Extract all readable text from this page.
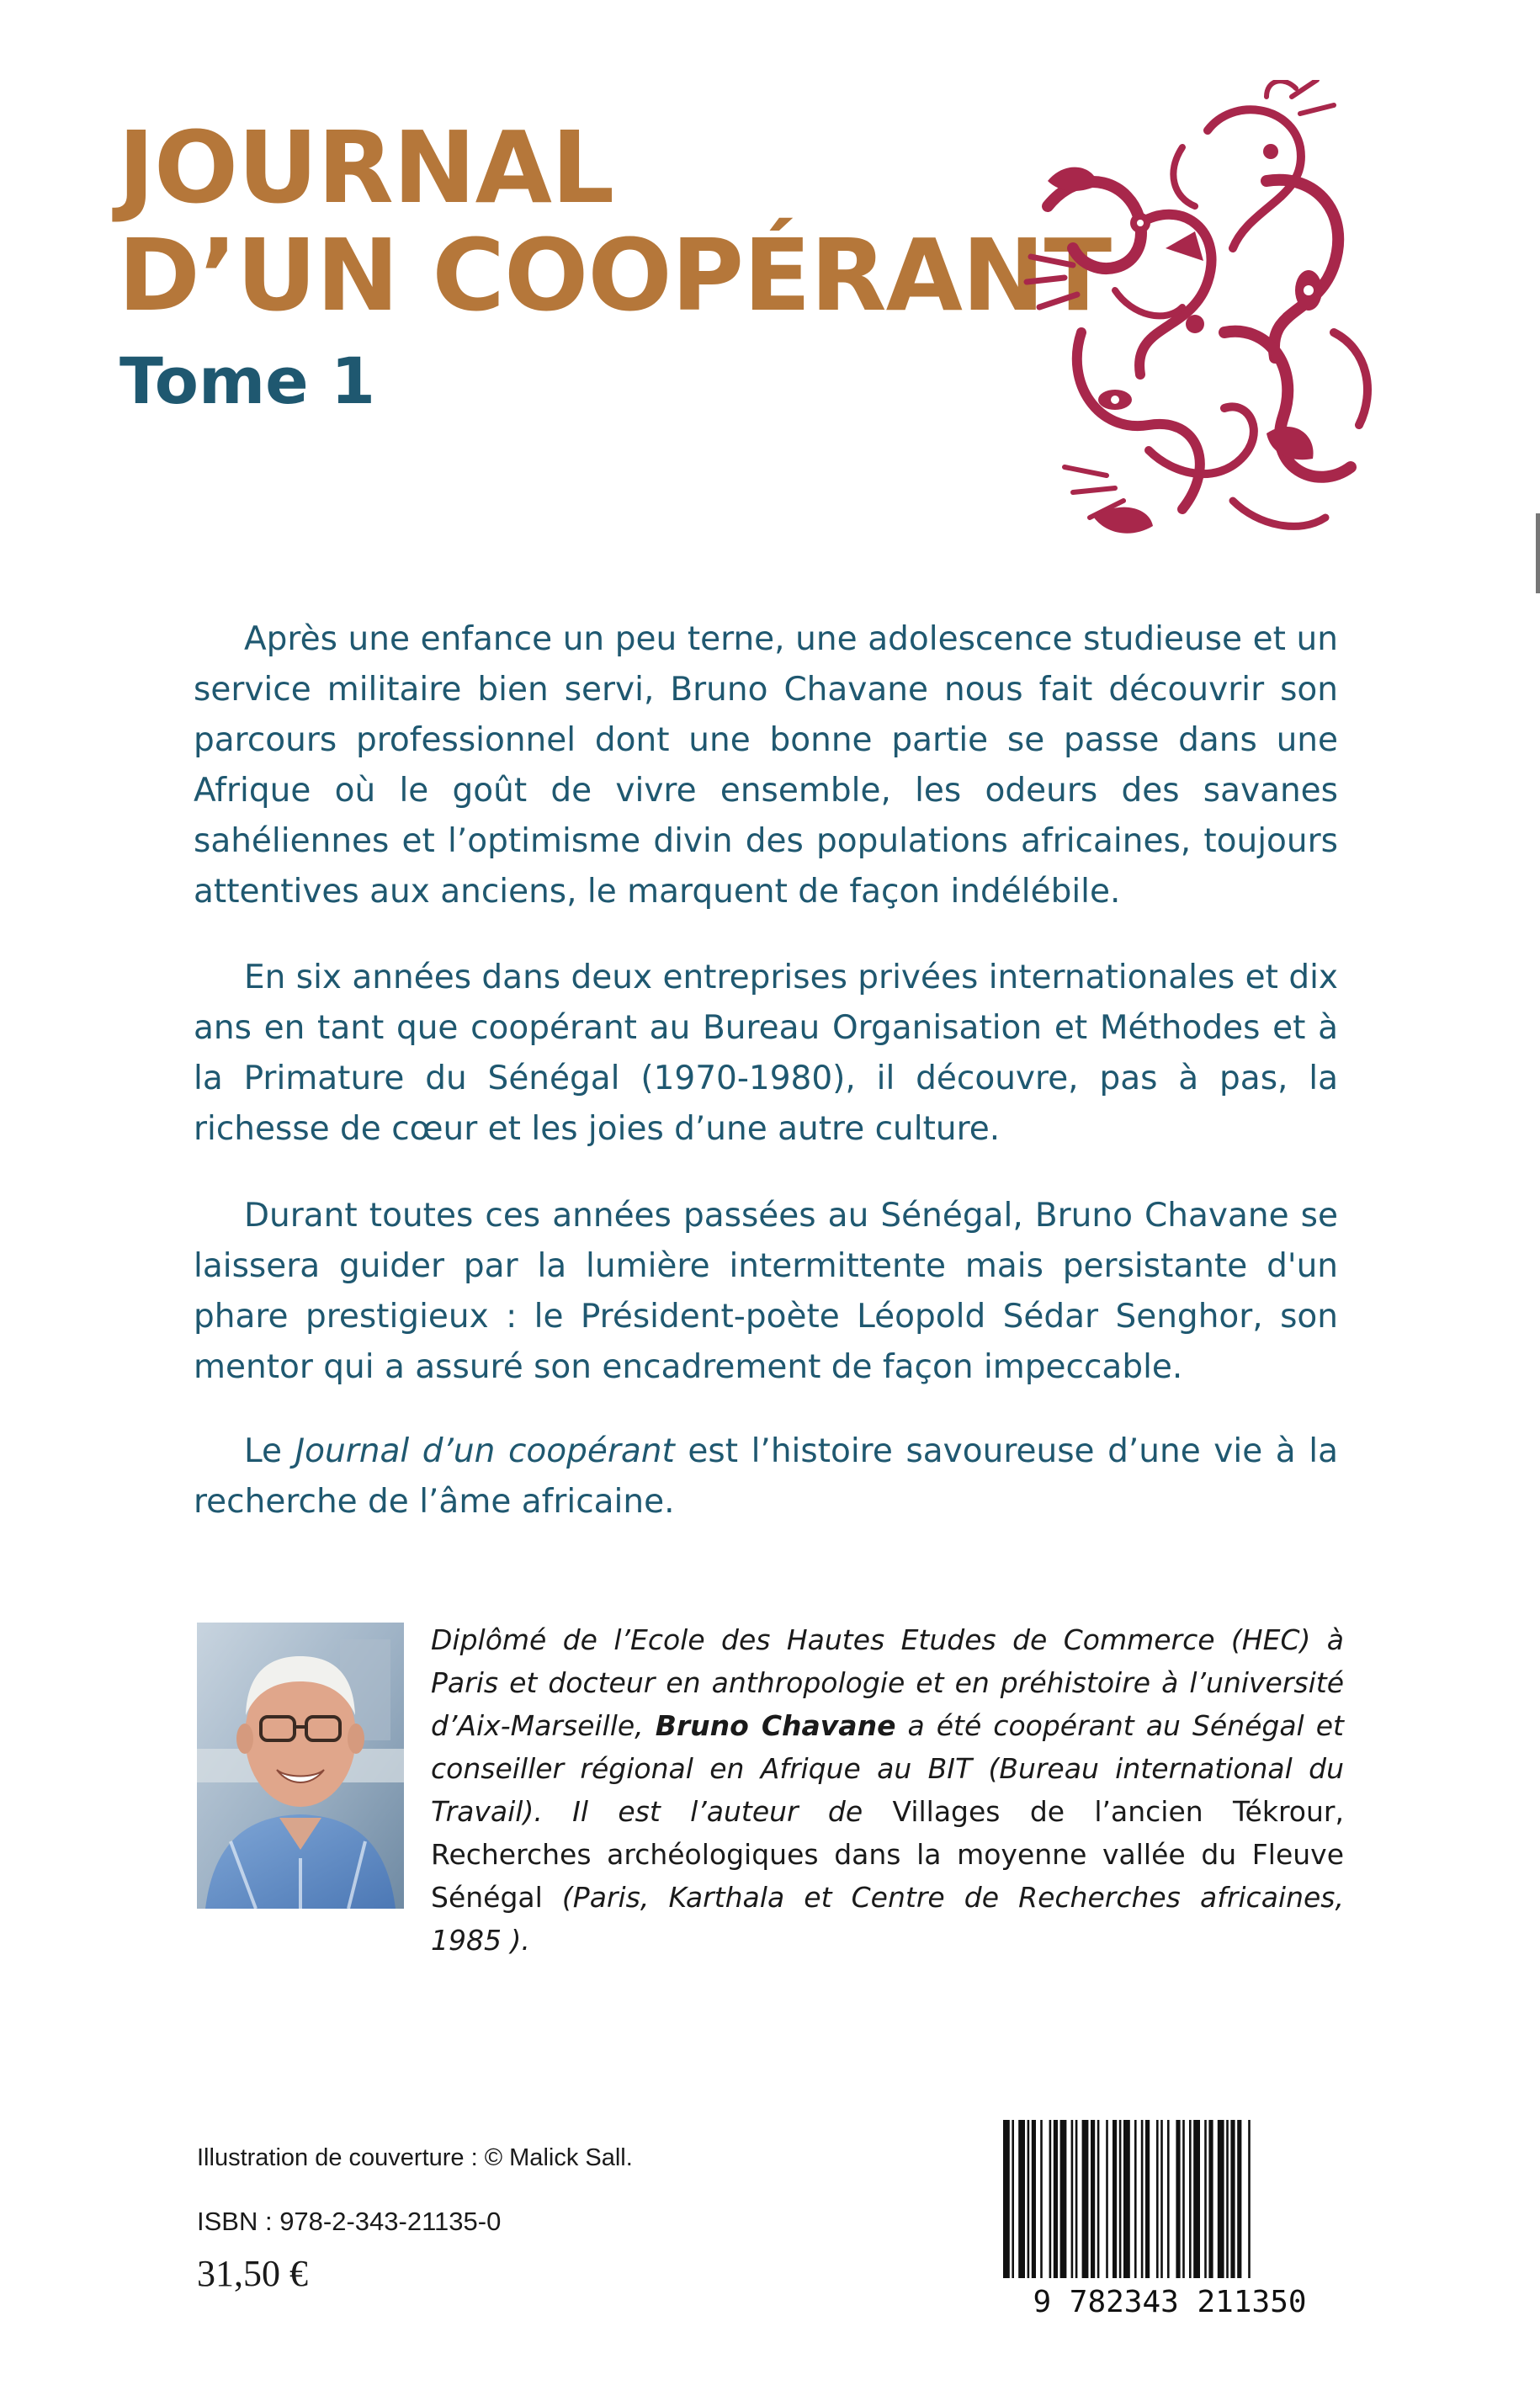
JOURNAL
D’UN COOPÉRANT
Tome 1

Après une enfance un peu terne, une adolescence studieuse et un service militaire bien servi, Bruno Chavane nous fait découvrir son parcours professionnel dont une bonne partie se passe dans une Afrique où le goût de vivre ensemble, les odeurs des savanes sahéliennes et l’optimisme divin des populations africaines, toujours attentives aux anciens, le marquent de façon indélébile.

En six années dans deux entreprises privées internationales et dix ans en tant que coopérant au Bureau Organisation et Méthodes et à la Primature du Sénégal (1970-1980), il découvre, pas à pas, la richesse de cœur et les joies d’une autre culture.

Durant toutes ces années passées au Sénégal, Bruno Chavane se laissera guider par la lumière intermittente mais persistante d'un phare prestigieux : le Président-poète Léopold Sédar Senghor, son mentor qui a assuré son encadrement de façon impeccable.

Le Journal d’un coopérant est l’histoire savoureuse d’une vie à la recherche de l’âme africaine.

Diplômé de l’Ecole des Hautes Etudes de Commerce (HEC) à Paris et docteur en anthropologie et en préhistoire à l’université d’Aix-Marseille, Bruno Chavane a été coopérant au Sénégal et conseiller régional en Afrique au BIT (Bureau international du Travail). Il est l’auteur de Villages de l’ancien Tékrour, Recherches archéologiques dans la moyenne vallée du Fleuve Sénégal (Paris, Karthala et Centre de Recherches africaines, 1985 ).

Illustration de couverture : © Malick Sall.

ISBN : 978-2-343-21135-0

31,50 €

9 782343 211350
